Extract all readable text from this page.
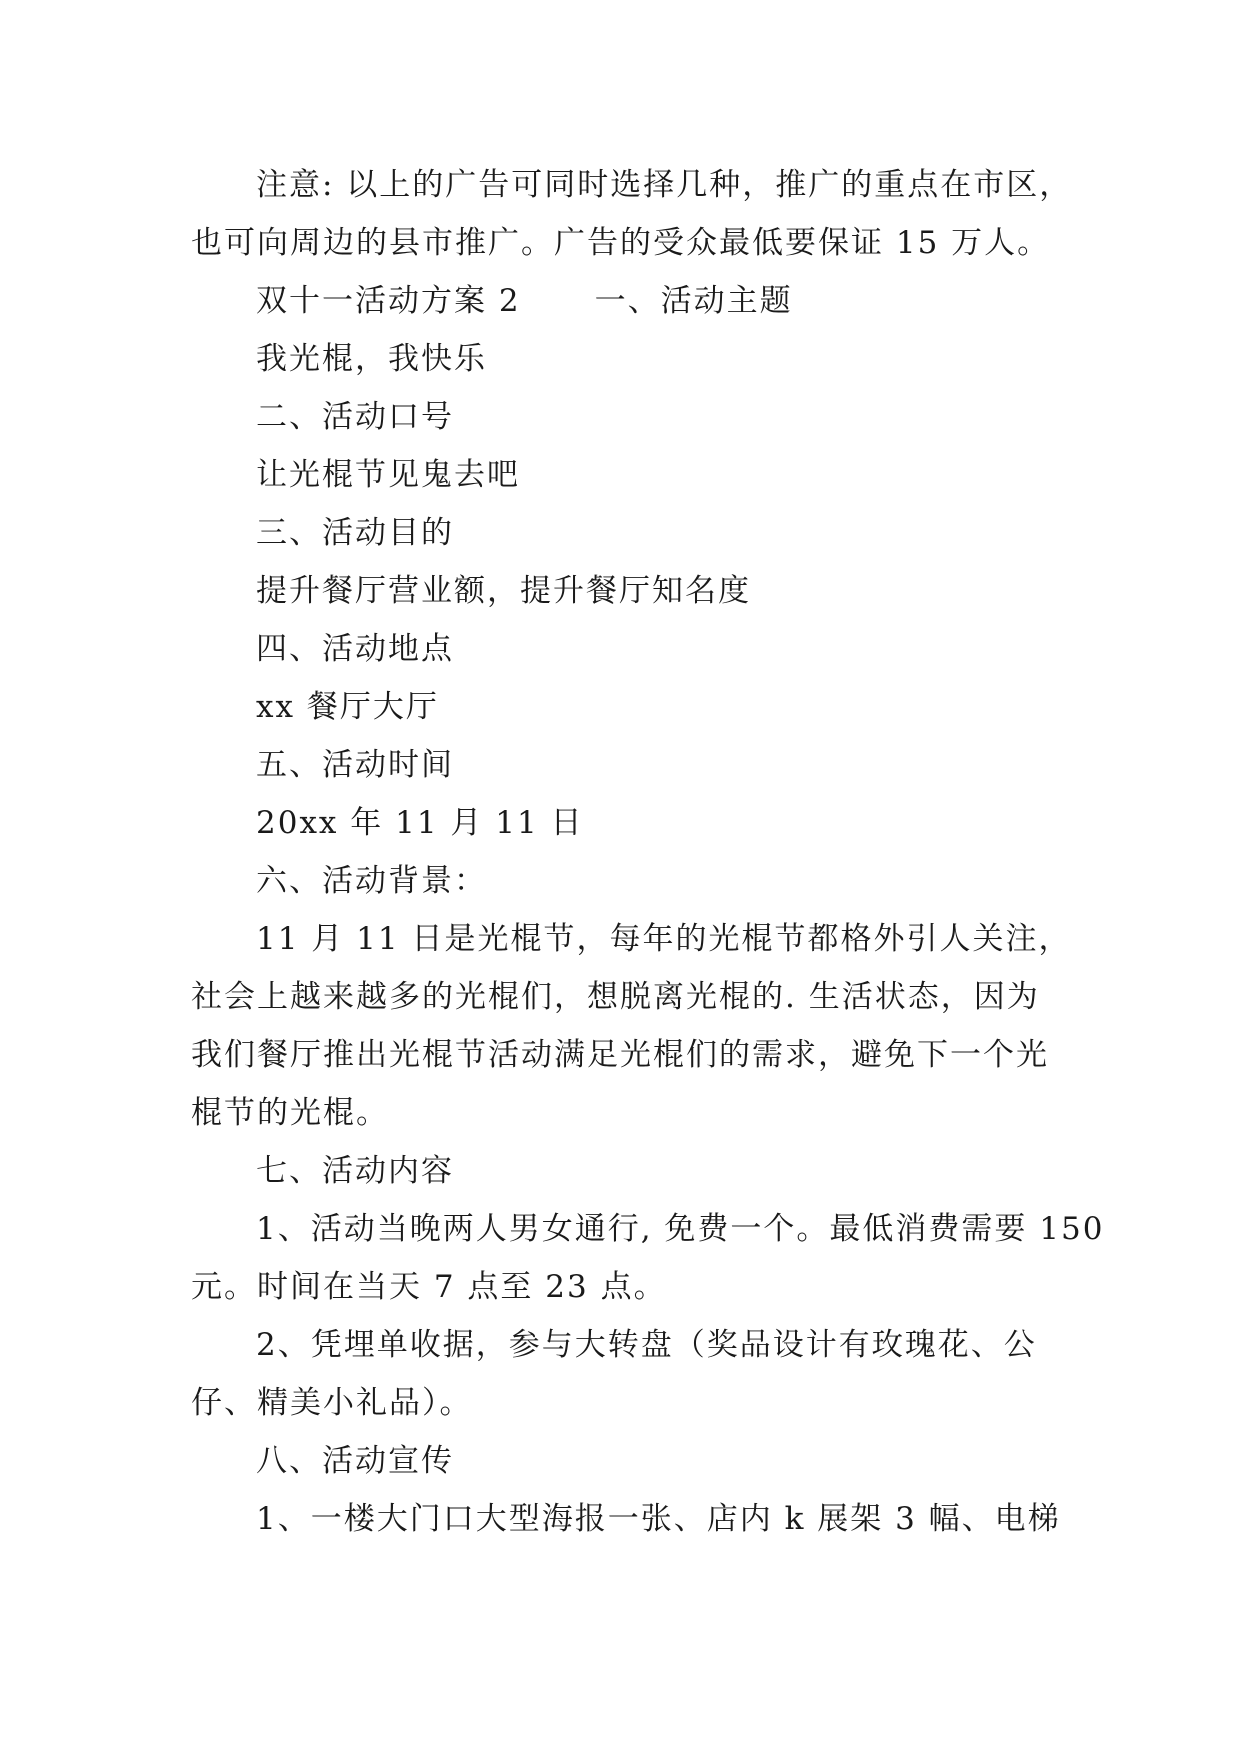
注意: 以上的广告可同时选择几种，推广的重点在市区，
也可向周边的县市推广。广告的受众最低要保证 15 万人。
双十一活动方案 2 一、活动主题
我光棍，我快乐
二、活动口号
让光棍节见鬼去吧
三、活动目的
提升餐厅营业额，提升餐厅知名度
四、活动地点
xx 餐厅大厅
五、活动时间
20xx 年 11 月 11 日
六、活动背景：
11 月 11 日是光棍节，每年的光棍节都格外引人关注，
社会上越来越多的光棍们，想脱离光棍的. 生活状态，因为
我们餐厅推出光棍节活动满足光棍们的需求，避免下一个光
棍节的光棍。
七、活动内容
1、活动当晚两人男女通行, 免费一个。最低消费需要 150
元。时间在当天 7 点至 23 点。
2、凭埋单收据，参与大转盘（奖品设计有玫瑰花、公
仔、精美小礼品）。
八、活动宣传
1、一楼大门口大型海报一张、店内 k 展架 3 幅、电梯
